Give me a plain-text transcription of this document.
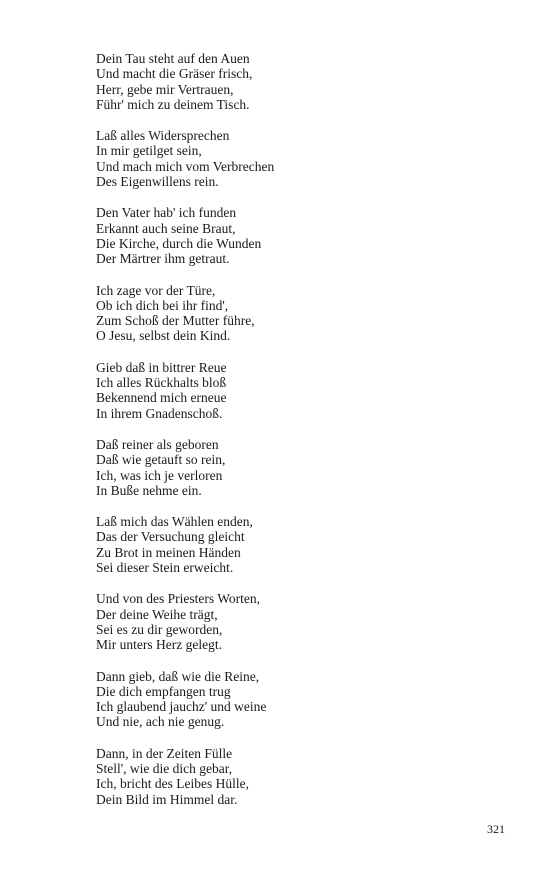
Dein Tau steht auf den Auen
Und macht die Gräser frisch,
Herr, gebe mir Vertrauen,
Führ' mich zu deinem Tisch.
Laß alles Widersprechen
In mir getilget sein,
Und mach mich vom Verbrechen
Des Eigenwillens rein.
Den Vater hab' ich funden
Erkannt auch seine Braut,
Die Kirche, durch die Wunden
Der Märtrer ihm getraut.
Ich zage vor der Türe,
Ob ich dich bei ihr find',
Zum Schoß der Mutter führe,
O Jesu, selbst dein Kind.
Gieb daß in bittrer Reue
Ich alles Rückhalts bloß
Bekennend mich erneue
In ihrem Gnadenschoß.
Daß reiner als geboren
Daß wie getauft so rein,
Ich, was ich je verloren
In Buße nehme ein.
Laß mich das Wählen enden,
Das der Versuchung gleicht
Zu Brot in meinen Händen
Sei dieser Stein erweicht.
Und von des Priesters Worten,
Der deine Weihe trägt,
Sei es zu dir geworden,
Mir unters Herz gelegt.
Dann gieb, daß wie die Reine,
Die dich empfangen trug
Ich glaubend jauchz' und weine
Und nie, ach nie genug.
Dann, in der Zeiten Fülle
Stell', wie die dich gebar,
Ich, bricht des Leibes Hülle,
Dein Bild im Himmel dar.
321
